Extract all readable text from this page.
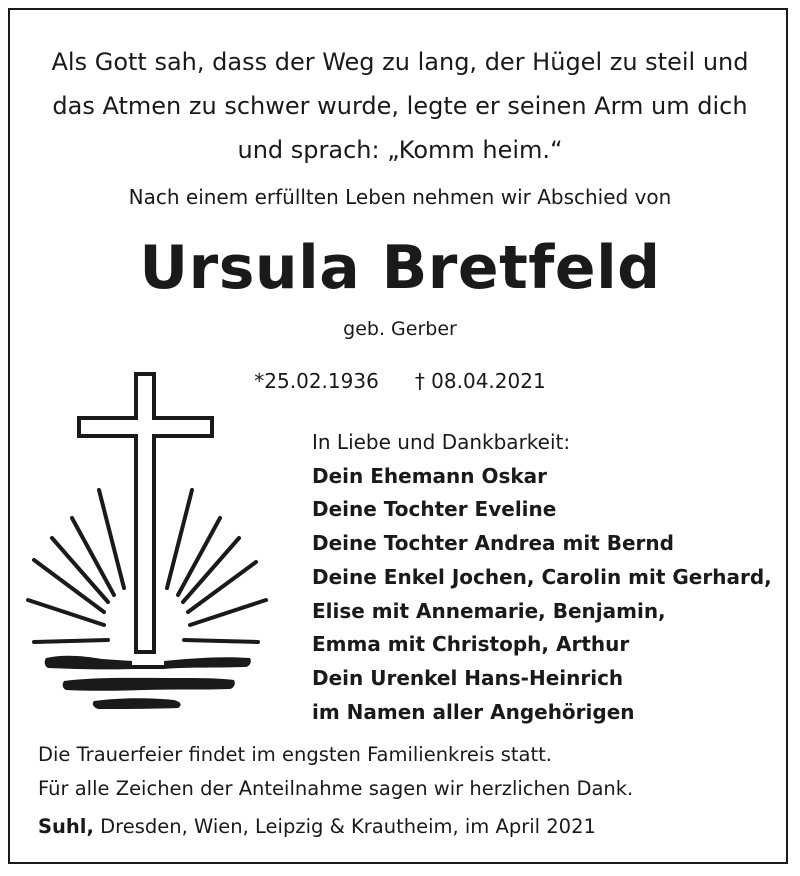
Als Gott sah, dass der Weg zu lang, der Hügel zu steil und
das Atmen zu schwer wurde, legte er seinen Arm um dich
und sprach: „Komm heim.“
Nach einem erfüllten Leben nehmen wir Abschied von
Ursula Bretfeld
geb. Gerber
*25.02.1936 † 08.04.2021
In Liebe und Dankbarkeit:
Dein Ehemann Oskar
Deine Tochter Eveline
Deine Tochter Andrea mit Bernd
Deine Enkel Jochen, Carolin mit Gerhard,
Elise mit Annemarie, Benjamin,
Emma mit Christoph, Arthur
Dein Urenkel Hans-Heinrich
im Namen aller Angehörigen
Die Trauerfeier findet im engsten Familienkreis statt.
Für alle Zeichen der Anteilnahme sagen wir herzlichen Dank.
Suhl, Dresden, Wien, Leipzig & Krautheim, im April 2021
